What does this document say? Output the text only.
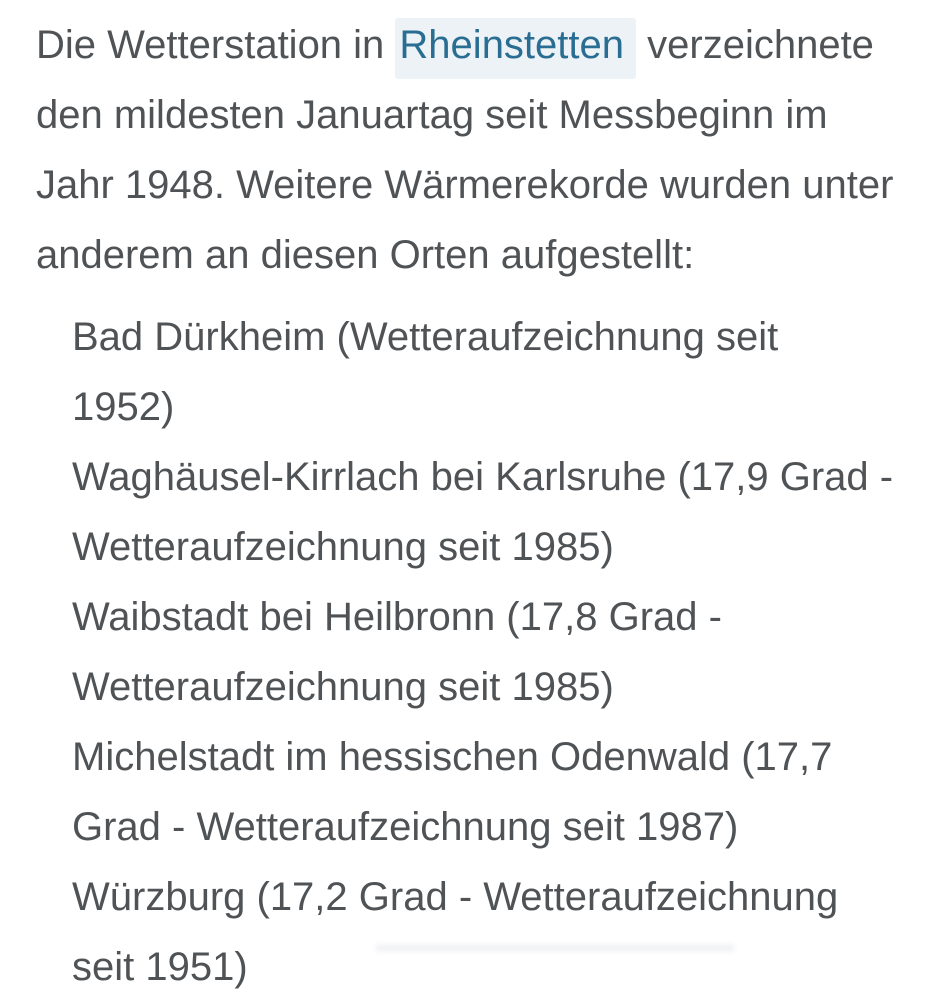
Die Wetterstation in Rheinstetten verzeichnete
den mildesten Januartag seit Messbeginn im
Jahr 1948. Weitere Wärmerekorde wurden unter
anderem an diesen Orten aufgestellt:

Bad Dürkheim (Wetteraufzeichnung seit
1952)
Waghäusel-Kirrlach bei Karlsruhe (17,9 Grad -
Wetteraufzeichnung seit 1985)
Waibstadt bei Heilbronn (17,8 Grad -
Wetteraufzeichnung seit 1985)
Michelstadt im hessischen Odenwald (17,7
Grad - Wetteraufzeichnung seit 1987)
Würzburg (17,2 Grad - Wetteraufzeichnung
seit 1951)
